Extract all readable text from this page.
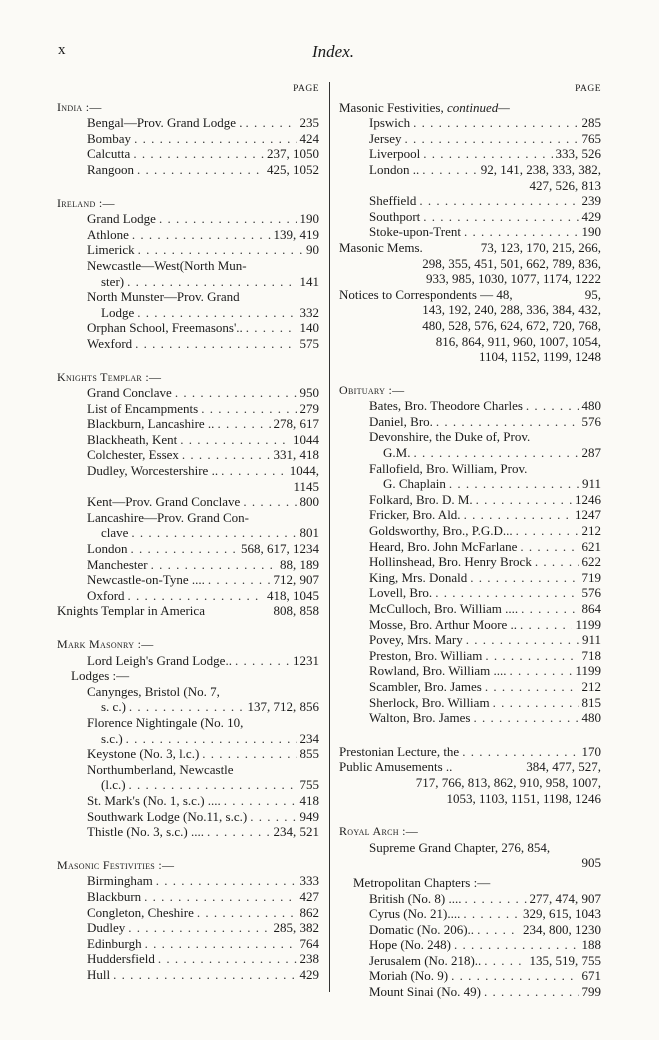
x	Index.
PAGE
India :—
Bengal—Prov. Grand Lodge . . . .	235
Bombay . . .	424
Calcutta . . .	237, 1050
Rangoon . . .	425, 1052
Ireland :—
Grand Lodge . . .	190
Athlone . . .	139, 419
Limerick . . .	90
Newcastle—West(North Mun-
ster) . . .	141
North Munster—Prov. Grand
Lodge . . .	332
Orphan School, Freemasons'.. . . .	140
Wexford . . .	575
Knights Templar :—
Grand Conclave . . .	950
List of Encampments . . .	279
Blackburn, Lancashire .. . . .	278, 617
Blackheath, Kent . . .	1044
Colchester, Essex . . .	331, 418
Dudley, Worcestershire .. . . .	1044,
1145
Kent—Prov. Grand Conclave . . .	800
Lancashire—Prov. Grand Con-
clave . . .	801
London . . .	568, 617, 1234
Manchester . . .	88, 189
Newcastle-on-Tyne .... . . .	712, 907
Oxford . . .	418, 1045
Knights Templar in America	808, 858
Mark Masonry :—
Lord Leigh's Grand Lodge.. . . .	1231
Lodges :—
Canynges, Bristol (No. 7,
s. c.) . . .	137, 712, 856
Florence Nightingale (No. 10,
s.c.) . . .	234
Keystone (No. 3, l.c.) . . .	855
Northumberland, Newcastle
(l.c.) . . .	755
St. Mark's (No. 1, s.c.) .... . . .	418
Southwark Lodge (No.11, s.c.) . . .	949
Thistle (No. 3, s.c.) .... . . .	234, 521
Masonic Festivities :—
Birmingham . . .	333
Blackburn . . .	427
Congleton, Cheshire . . .	862
Dudley . . .	285, 382
Edinburgh . . .	764
Huddersfield . . .	238
Hull . . .	429
PAGE
Masonic Festivities, continued—
Ipswich . . .	285
Jersey . . .	765
Liverpool . . .	333, 526
London .. . . .	92, 141, 238, 333, 382,
427, 526, 813
Sheffield . . .	239
Southport . . .	429
Stoke-upon-Trent . . .	190
Masonic Mems.	73, 123, 170, 215, 266,
298, 355, 451, 501, 662, 789, 836,
933, 985, 1030, 1077, 1174, 1222
Notices to Correspondents — 48,	95,
143, 192, 240, 288, 336, 384, 432,
480, 528, 576, 624, 672, 720, 768,
816, 864, 911, 960, 1007, 1054,
1104, 1152, 1199, 1248
Obituary :—
Bates, Bro. Theodore Charles . . .	480
Daniel, Bro. . . .	576
Devonshire, the Duke of, Prov.
G.M. . . .	287
Fallofield, Bro. William, Prov.
G. Chaplain . . .	911
Folkard, Bro. D. M. . . .	1246
Fricker, Bro. Ald. . . .	1247
Goldsworthy, Bro., P.G.D... . . .	212
Heard, Bro. John McFarlane . . .	621
Hollinshead, Bro. Henry Brock . . .	622
King, Mrs. Donald . . .	719
Lovell, Bro. . . .	576
McCulloch, Bro. William .... . . .	864
Mosse, Bro. Arthur Moore .. . . .	1199
Povey, Mrs. Mary . . .	911
Preston, Bro. William . . .	718
Rowland, Bro. William .... . . .	1199
Scambler, Bro. James . . .	212
Sherlock, Bro. William . . .	815
Walton, Bro. James . . .	480
Prestonian Lecture, the . . .	170
Public Amusements ..	384, 477, 527,
717, 766, 813, 862, 910, 958, 1007,
1053, 1103, 1151, 1198, 1246
Royal Arch :—
Supreme Grand Chapter, 276, 854,
905
Metropolitan Chapters :—
British (No. 8) .... . . .	277, 474, 907
Cyrus (No. 21).... . . .	329, 615, 1043
Domatic (No. 206).. . . .	234, 800, 1230
Hope (No. 248) . . .	188
Jerusalem (No. 218).. . . .	135, 519, 755
Moriah (No. 9) . . .	671
Mount Sinai (No. 49) . . .	799
